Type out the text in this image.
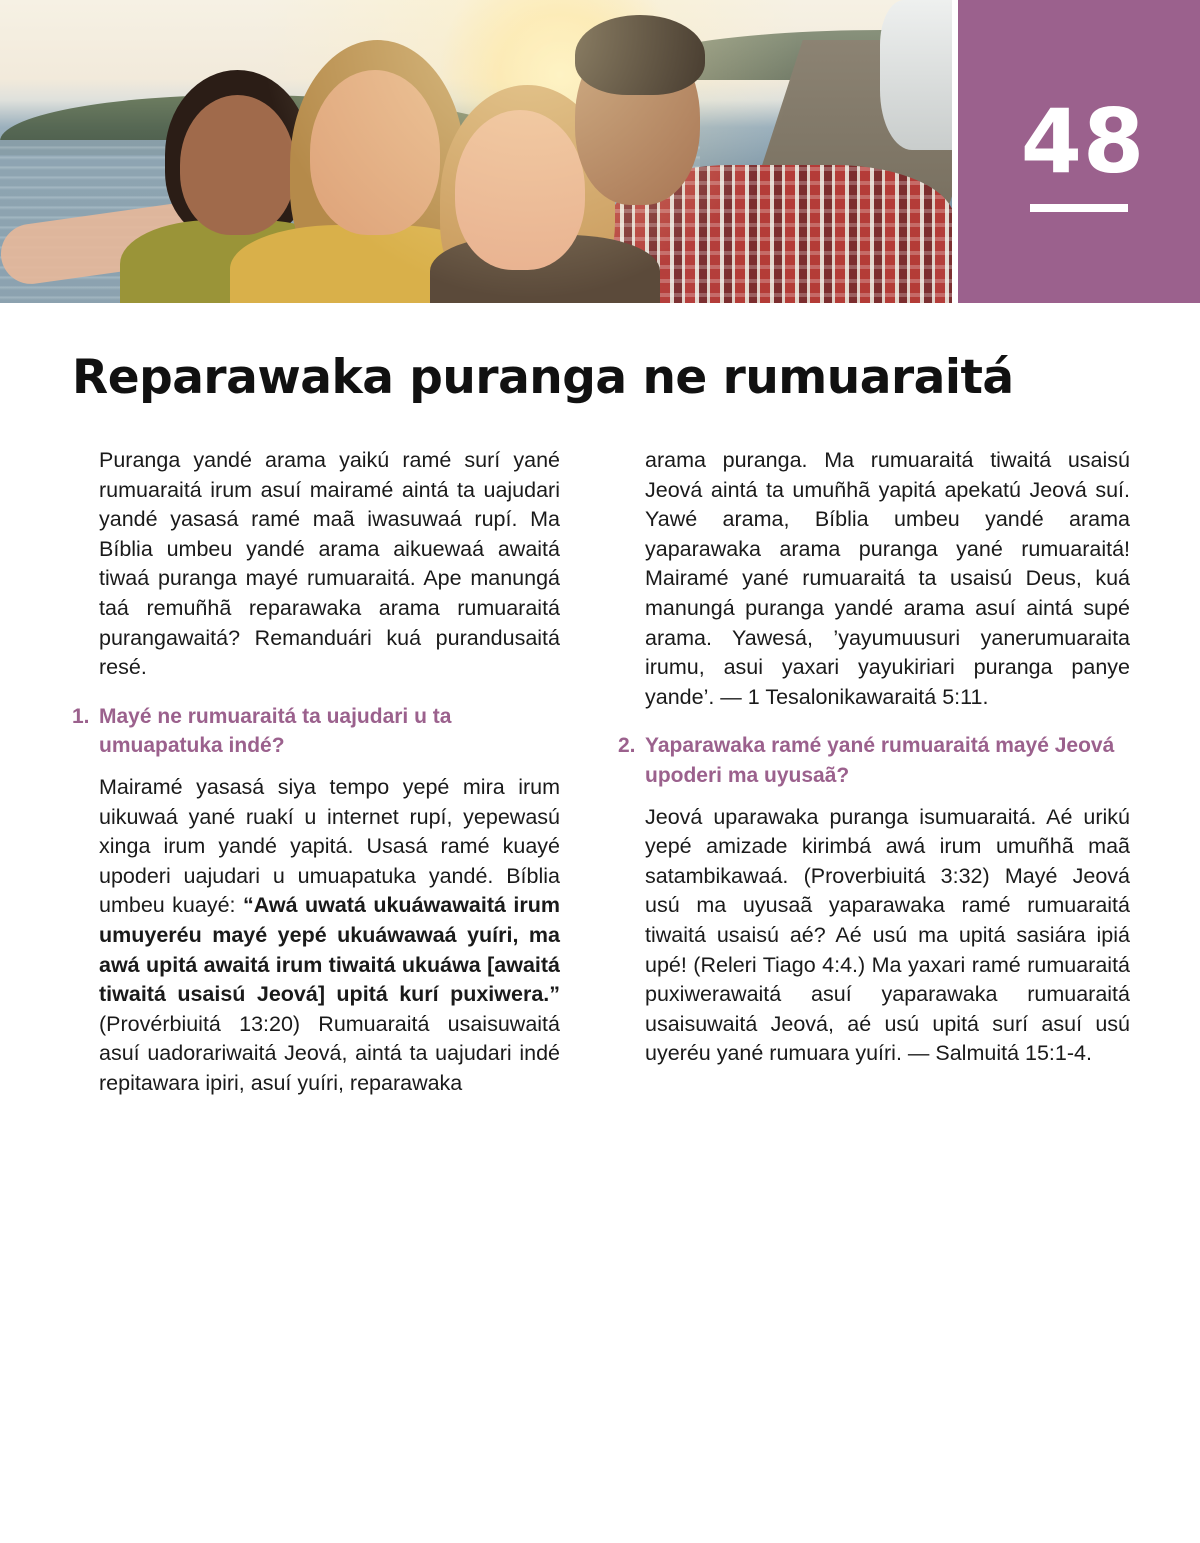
48
Reparawaka puranga ne rumuaraitá

Puranga yandé arama yaikú ramé surí yané rumuaraitá irum asuí mairamé aintá ta uajudari yandé yasasá ramé maã iwasuwaá rupí. Ma Bíblia umbeu yandé arama aikuewaá awaitá tiwaá puranga mayé rumuaraitá. Ape manungá taá remuñhã reparawaka arama rumuaraitá purangawaitá? Remanduári kuá purandusaitá resé.

1. Mayé ne rumuaraitá ta uajudari u ta umuapatuka indé?

Mairamé yasasá siya tempo yepé mira irum uikuwaá yané ruakí u internet rupí, yepewasú xinga irum yandé yapitá. Usasá ramé kuayé upoderi uajudari u umuapatuka yandé. Bíblia umbeu kuayé: “Awá uwatá ukuáwawaitá irum umuyeréu mayé yepé ukuáwawaá yuíri, ma awá upitá awaitá irum tiwaitá ukuáwa [awaitá tiwaitá usaisú Jeová] upitá kurí puxiwera.” (Provérbiuitá 13:20) Rumuaraitá usaisuwaitá asuí uadorariwaitá Jeová, aintá ta uajudari indé repitawara ipiri, asuí yuíri, reparawaka

arama puranga. Ma rumuaraitá tiwaitá usaisú Jeová aintá ta umuñhã yapitá apekatú Jeová suí. Yawé arama, Bíblia umbeu yandé arama yaparawaka arama puranga yané rumuaraitá! Mairamé yané rumuaraitá ta usaisú Deus, kuá manungá puranga yandé arama asuí aintá supé arama. Yawesá, ’yayumuusuri yanerumuaraita irumu, asui yaxari yayukiriari puranga panye yande’. — 1 Tesalonikawaraitá 5:11.

2. Yaparawaka ramé yané rumuaraitá mayé Jeová upoderi ma uyusaã?

Jeová uparawaka puranga isumuaraitá. Aé urikú yepé amizade kirimbá awá irum umuñhã maã satambikawaá. (Proverbiuitá 3:32) Mayé Jeová usú ma uyusaã yaparawaka ramé rumuaraitá tiwaitá usaisú aé? Aé usú ma upitá sasiára ipiá upé! (Releri Tiago 4:4.) Ma yaxari ramé rumuaraitá puxiwerawaitá asuí yaparawaka rumuaraitá usaisuwaitá Jeová, aé usú upitá surí asuí usú uyeréu yané rumuara yuíri. — Salmuitá 15:1-4.
